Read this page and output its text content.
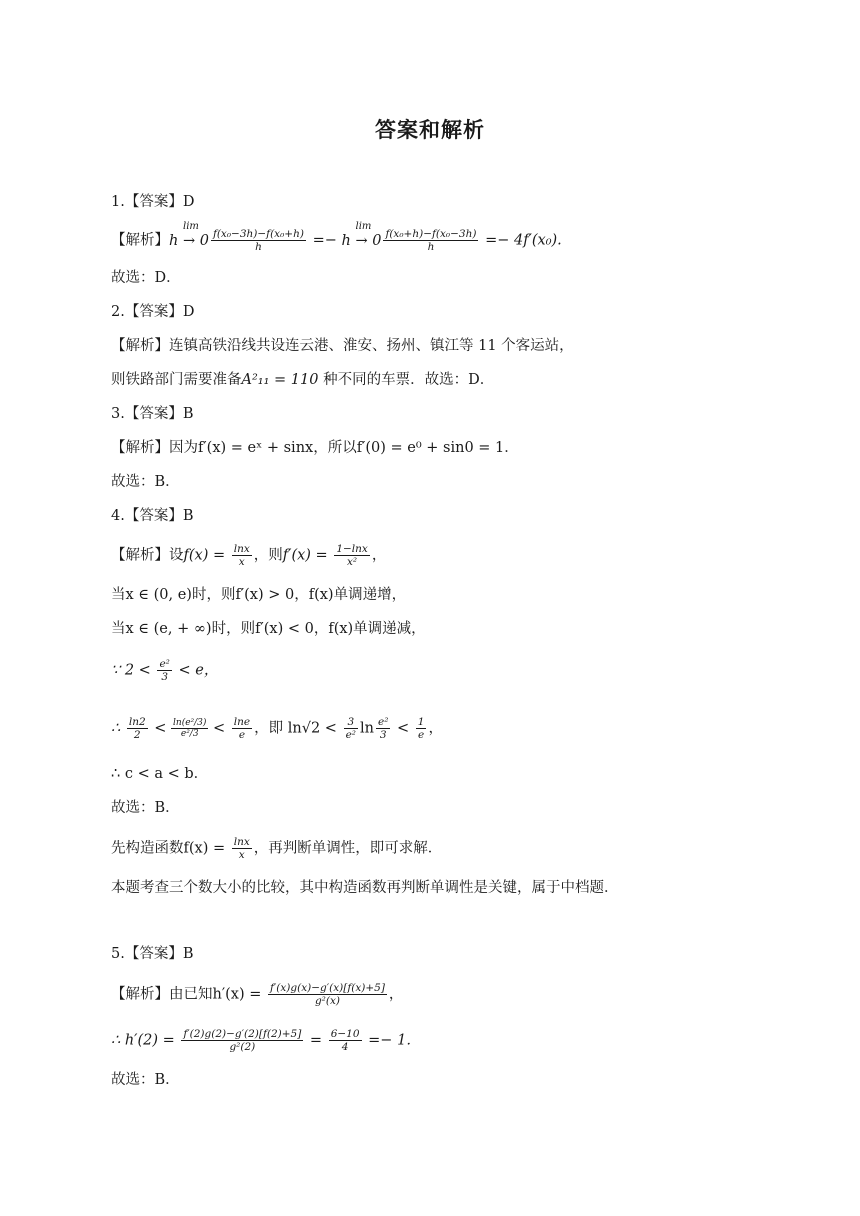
答案和解析
1.【答案】D
【解析】
lim
$h \to 0 \frac{\text{f(x₀−3h)−f(x₀+h)}}{h}$ =−
lim
$h \to 0 \frac{\text{f(x₀+h)−f(x₀−3h)}}{h} =- 4f'(x_0)$.
故选：D．
2.【答案】D
【解析】连镇高铁沿线共设连云港、淮安、扬州、镇江等 11 个客运站，
则铁路部门需要准备A²₁₁ = 110 种不同的车票．故选：D．
3.【答案】B
【解析】因为f′(x) = eˣ + sinx，所以f′(0) = e⁰ + sin0 = 1．
故选：B．
4.【答案】B
【解析】设$f(x) = \frac{\ln x}{x}$ ，则$f'(x) = \frac{1-\ln x}{\text{x²}}$ ，
当x ∈ (0, e)时，则f′(x) > 0，f(x)单调递增，
当x ∈ (e, + ∞)时，则f′(x) < 0，f(x)单调递减，
∵ $2 < \frac{\text{e²}}{3} < e$，
∴ $\frac{\ln 2}{2} < \frac{\text{ln(e²/3)}}{\text{e²/3}} < \frac{\ln e}{e}$ ，即 $\ln√2 < \frac{3}{\text{e²}}$ $\ln \frac{\text{e²}}{3} < \frac{1}{e}$ ，
∴ c < a < b．
故选：B．
先构造函数$f(x) = \frac{\ln x}{x}$ ，再判断单调性，即可求解．
本题考查三个数大小的比较，其中构造函数再判断单调性是关键，属于中档题．
5.【答案】B
【解析】由已知$h'(x) = \frac{f'(x)g(x)-g'(x)[f(x)+5]}{\text{g²(x)}}$ ，
∴ $h'(2) = \frac{f'(2)g(2)-g'(2)[f(2)+5]}{\text{g²(2)}} = \frac{6-10}{4} =- 1$．
故选：B．
